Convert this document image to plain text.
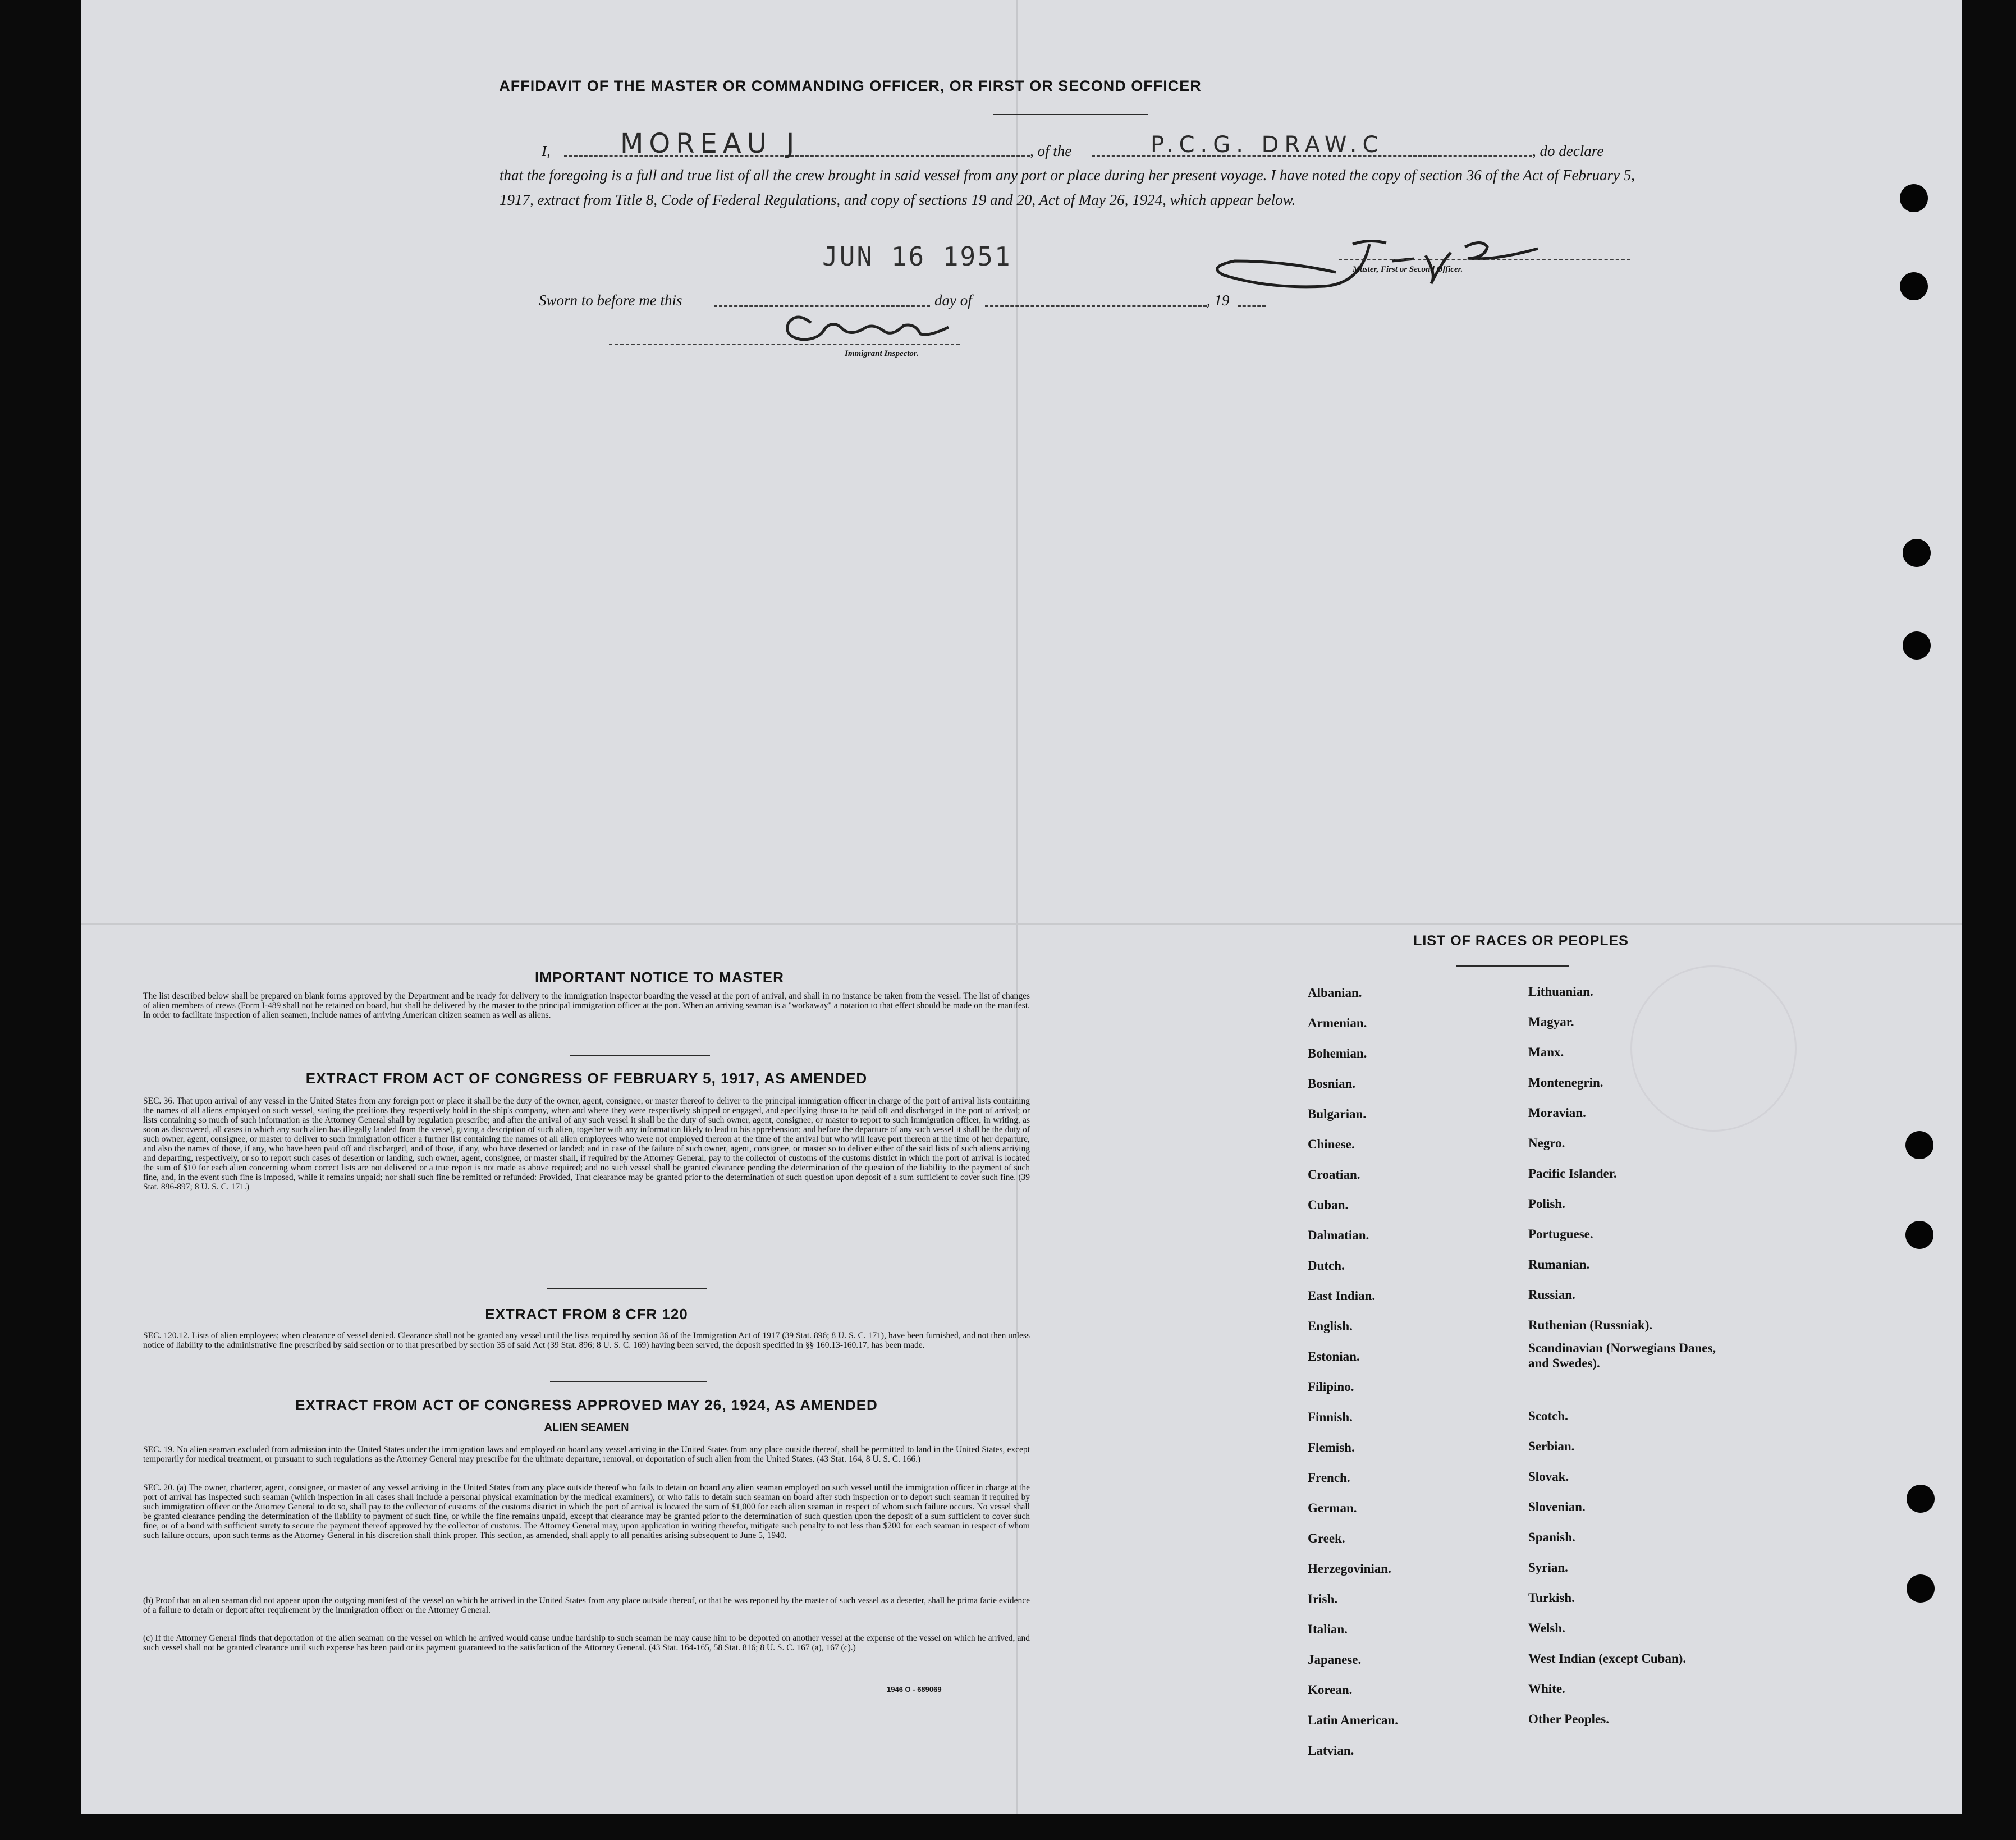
AFFIDAVIT OF THE MASTER OR COMMANDING OFFICER, OR FIRST OR SECOND OFFICER
I,	MOREAU J	, of the	P.C.G. DRAW.C	, do declare
that the foregoing is a full and true list of all the crew brought in said vessel from any port or place during her present voyage. I have noted the copy of section 36 of the Act of February 5, 1917, extract from Title 8, Code of Federal Regulations, and copy of sections 19 and 20, Act of May 26, 1924, which appear below.
JUN 16 1951	Master, First or Second Officer.
Sworn to before me this	day of	, 19
Immigrant Inspector.
IMPORTANT NOTICE TO MASTER
The list described below shall be prepared on blank forms approved by the Department and be ready for delivery to the immigration inspector boarding the vessel at the port of arrival, and shall in no instance be taken from the vessel. The list of changes of alien members of crews (Form I-489 shall not be retained on board, but shall be delivered by the master to the principal immigration officer at the port. When an arriving seaman is a "workaway" a notation to that effect should be made on the manifest. In order to facilitate inspection of alien seamen, include names of arriving American citizen seamen as well as aliens.
EXTRACT FROM ACT OF CONGRESS OF FEBRUARY 5, 1917, AS AMENDED
SEC. 36. That upon arrival of any vessel in the United States from any foreign port or place it shall be the duty of the owner, agent, consignee, or master thereof to deliver to the principal immigration officer in charge of the port of arrival lists containing the names of all aliens employed on such vessel, stating the positions they respectively hold in the ship's company, when and where they were respectively shipped or engaged, and specifying those to be paid off and discharged in the port of arrival; or lists containing so much of such information as the Attorney General shall by regulation prescribe; and after the arrival of any such vessel it shall be the duty of such owner, agent, consignee, or master to report to such immigration officer, in writing, as soon as discovered, all cases in which any such alien has illegally landed from the vessel, giving a description of such alien, together with any information likely to lead to his apprehension; and before the departure of any such vessel it shall be the duty of such owner, agent, consignee, or master to deliver to such immigration officer a further list containing the names of all alien employees who were not employed thereon at the time of the arrival but who will leave port thereon at the time of her departure, and also the names of those, if any, who have been paid off and discharged, and of those, if any, who have deserted or landed; and in case of the failure of such owner, agent, consignee, or master so to deliver either of the said lists of such aliens arriving and departing, respectively, or so to report such cases of desertion or landing, such owner, agent, consignee, or master shall, if required by the Attorney General, pay to the collector of customs of the customs district in which the port of arrival is located the sum of $10 for each alien concerning whom correct lists are not delivered or a true report is not made as above required; and no such vessel shall be granted clearance pending the determination of the question of the liability to the payment of such fine, and, in the event such fine is imposed, while it remains unpaid; nor shall such fine be remitted or refunded: Provided, That clearance may be granted prior to the determination of such question upon deposit of a sum sufficient to cover such fine. (39 Stat. 896-897; 8 U. S. C. 171.)
EXTRACT FROM 8 CFR 120
SEC. 120.12. Lists of alien employees; when clearance of vessel denied. Clearance shall not be granted any vessel until the lists required by section 36 of the Immigration Act of 1917 (39 Stat. 896; 8 U. S. C. 171), have been furnished, and not then unless notice of liability to the administrative fine prescribed by said section or to that prescribed by section 35 of said Act (39 Stat. 896; 8 U. S. C. 169) having been served, the deposit specified in §§ 160.13-160.17, has been made.
EXTRACT FROM ACT OF CONGRESS APPROVED MAY 26, 1924, AS AMENDED
ALIEN SEAMEN
SEC. 19. No alien seaman excluded from admission into the United States under the immigration laws and employed on board any vessel arriving in the United States from any place outside thereof, shall be permitted to land in the United States, except temporarily for medical treatment, or pursuant to such regulations as the Attorney General may prescribe for the ultimate departure, removal, or deportation of such alien from the United States. (43 Stat. 164, 8 U. S. C. 166.)
SEC. 20. (a) The owner, charterer, agent, consignee, or master of any vessel arriving in the United States from any place outside thereof who fails to detain on board any alien seaman employed on such vessel until the immigration officer in charge at the port of arrival has inspected such seaman (which inspection in all cases shall include a personal physical examination by the medical examiners), or who fails to detain such seaman on board after such inspection or to deport such seaman if required by such immigration officer or the Attorney General to do so, shall pay to the collector of customs of the customs district in which the port of arrival is located the sum of $1,000 for each alien seaman in respect of whom such failure occurs. No vessel shall be granted clearance pending the determination of the liability to payment of such fine, or while the fine remains unpaid, except that clearance may be granted prior to the determination of such question upon the deposit of a sum sufficient to cover such fine, or of a bond with sufficient surety to secure the payment thereof approved by the collector of customs. The Attorney General may, upon application in writing therefor, mitigate such penalty to not less than $200 for each seaman in respect of whom such failure occurs, upon such terms as the Attorney General in his discretion shall think proper. This section, as amended, shall apply to all penalties arising subsequent to June 5, 1940.
(b) Proof that an alien seaman did not appear upon the outgoing manifest of the vessel on which he arrived in the United States from any place outside thereof, or that he was reported by the master of such vessel as a deserter, shall be prima facie evidence of a failure to detain or deport after requirement by the immigration officer or the Attorney General.
(c) If the Attorney General finds that deportation of the alien seaman on the vessel on which he arrived would cause undue hardship to such seaman he may cause him to be deported on another vessel at the expense of the vessel on which he arrived, and such vessel shall not be granted clearance until such expense has been paid or its payment guaranteed to the satisfaction of the Attorney General. (43 Stat. 164-165, 58 Stat. 816; 8 U. S. C. 167 (a), 167 (c).)
1946 O - 689069
LIST OF RACES OR PEOPLES
Albanian.
Armenian.
Bohemian.
Bosnian.
Bulgarian.
Chinese.
Croatian.
Cuban.
Dalmatian.
Dutch.
East Indian.
English.
Estonian.
Filipino.
Finnish.
Flemish.
French.
German.
Greek.
Herzegovinian.
Irish.
Italian.
Japanese.
Korean.
Latin American.
Latvian.
Lithuanian.
Magyar.
Manx.
Montenegrin.
Moravian.
Negro.
Pacific Islander.
Polish.
Portuguese.
Rumanian.
Russian.
Ruthenian (Russniak).
Scandinavian (Norwegians Danes, and Swedes).
Scotch.
Serbian.
Slovak.
Slovenian.
Spanish.
Syrian.
Turkish.
Welsh.
West Indian (except Cuban).
White.
Other Peoples.
